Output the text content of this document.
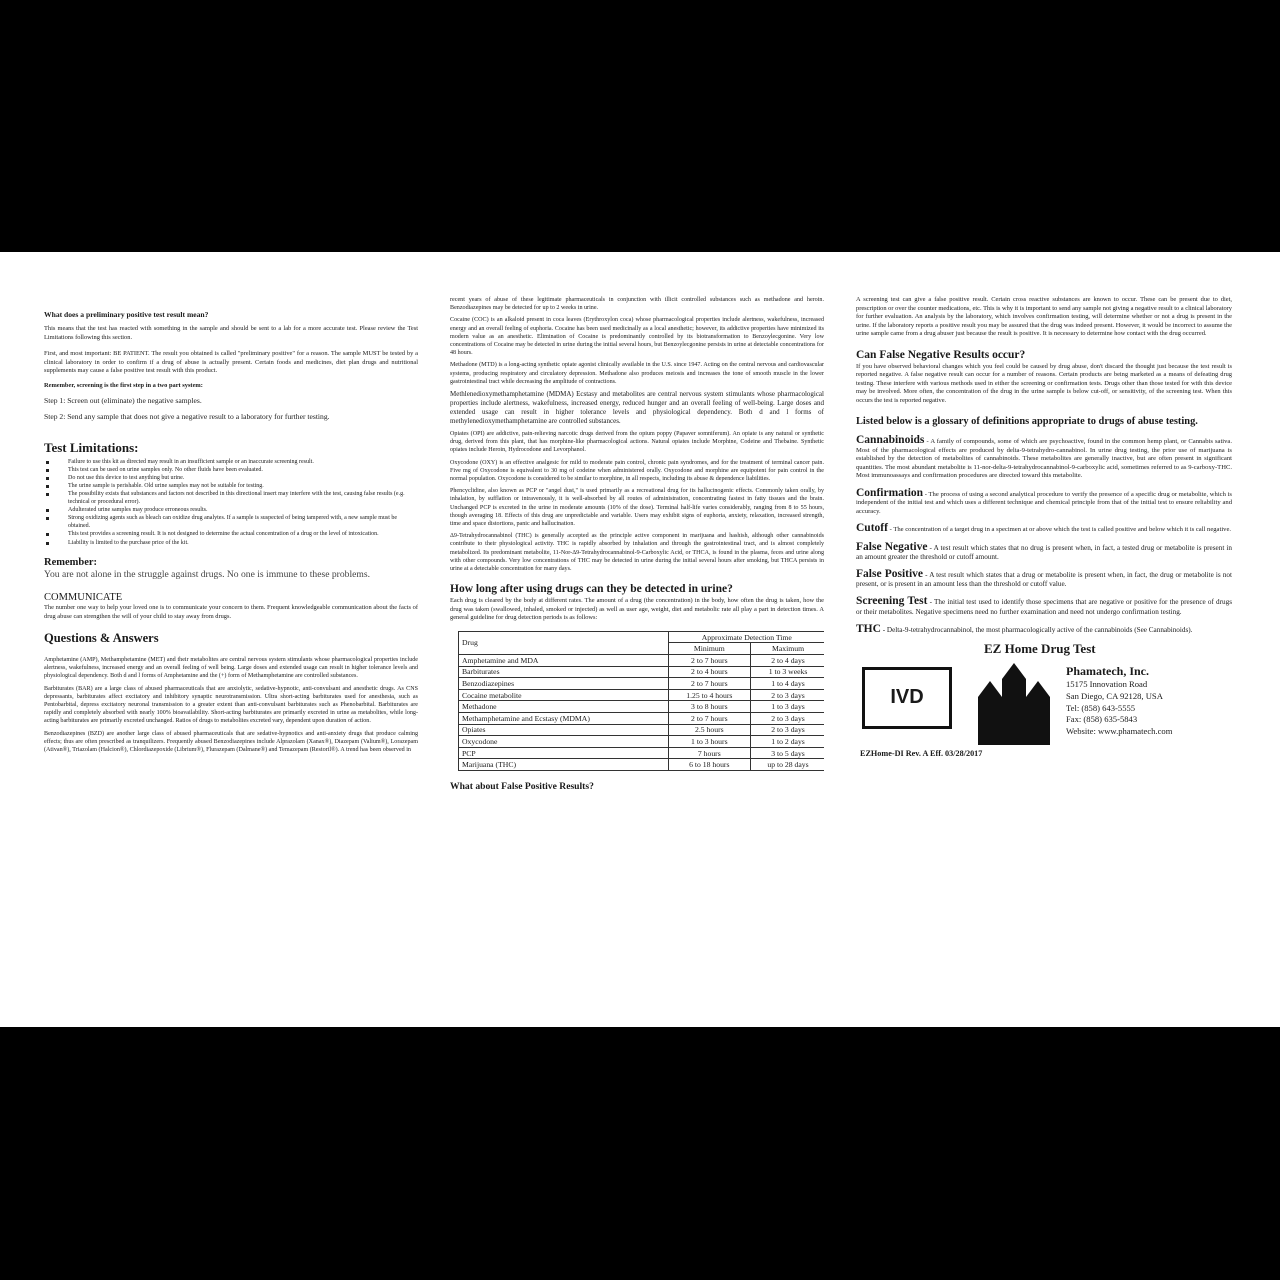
What does a preliminary positive test result mean?

This means that the test has reacted with something in the sample and should be sent to a lab for a more accurate test. Please review the Test Limitations following this section.

First, and most important: BE PATIENT. The result you obtained is called "preliminary positive" for a reason. The sample MUST be tested by a clinical laboratory in order to confirm if a drug of abuse is actually present. Certain foods and medicines, diet plan drugs and nutritional supplements may cause a false positive test result with this product.

Remember, screening is the first step in a two part system:

Step 1: Screen out (eliminate) the negative samples.

Step 2: Send any sample that does not give a negative result to a laboratory for further testing.

Test Limitations:
Failure to use this kit as directed may result in an insufficient sample or an inaccurate screening result.
This test can be used on urine samples only. No other fluids have been evaluated.
Do not use this device to test anything but urine.
The urine sample is perishable. Old urine samples may not be suitable for testing.
The possibility exists that substances and factors not described in this directional insert may interfere with the test, causing false results (e.g. technical or procedural error).
Adulterated urine samples may produce erroneous results.
Strong oxidizing agents such as bleach can oxidize drug analytes. If a sample is suspected of being tampered with, a new sample must be obtained.
This test provides a screening result. It is not designed to determine the actual concentration of a drug or the level of intoxication.
Liability is limited to the purchase price of the kit.
Remember:

You are not alone in the struggle against drugs. No one is immune to these problems.

COMMUNICATE

The number one way to help your loved one is to communicate your concern to them. Frequent knowledgeable communication about the facts of drug abuse can strengthen the will of your child to stay away from drugs.

Questions & Answers

Amphetamine (AMP), Methamphetamine (MET) and their metabolites are central nervous system stimulants whose pharmacological properties include alertness, wakefulness, increased energy and an overall feeling of well being. Large doses and extended usage can result in higher tolerance levels and physiological dependency. Both d and l forms of Amphetamine and the (+) form of Methamphetamine are controlled substances.

Barbiturates (BAR) are a large class of abused pharmaceuticals that are anxiolytic, sedative-hypnotic, anti-convulsant and anesthetic drugs. As CNS depressants, barbiturates affect excitatory and inhibitory synaptic neurotransmission. Ultra short-acting barbiturates used for anesthesia, such as Pentobarbital, depress excitatory neuronal transmission to a greater extent than anti-convulsant barbiturates such as Phenobarbital. Barbiturates are rapidly and completely absorbed with nearly 100% bioavailability. Short-acting barbiturates are primarily excreted in urine as metabolites, while long-acting barbiturates are primarily excreted unchanged. Ratios of drugs to metabolites excreted vary, dependent upon duration of action.

Benzodiazepines (BZD) are another large class of abused pharmaceuticals that are sedative-hypnotics and anti-anxiety drugs that produce calming effects; thus are often prescribed as tranquilizers. Frequently abused Benzodiazepines include Alprazolam (Xanax®), Diazepam (Valium®), Lorazepam (Ativan®), Triazolam (Halcion®), Chlordiazepoxide (Librium®), Flurazepam (Dalmane®) and Temazepam (Restoril®). A trend has been observed in

recent years of abuse of these legitimate pharmaceuticals in conjunction with illicit controlled substances such as methadone and heroin. Benzodiazepines may be detected for up to 2 weeks in urine.

Cocaine (COC) is an alkaloid present in coca leaves (Erythroxylon coca) whose pharmacological properties include alertness, wakefulness, increased energy and an overall feeling of euphoria. Cocaine has been used medicinally as a local anesthetic; however, its addictive properties have minimized its modern value as an anesthetic. Elimination of Cocaine is predominantly controlled by its biotransformation to Benzoylecgonine. Very low concentrations of Cocaine may be detected in urine during the initial several hours, but Benzoylecgonine persists in urine at detectable concentrations for 48 hours.

Methadone (MTD) is a long-acting synthetic opiate agonist clinically available in the U.S. since 1947. Acting on the central nervous and cardiovascular systems, producing respiratory and circulatory depression. Methadone also produces meiosis and increases the tone of smooth muscle in the lower gastrointestinal tract while decreasing the amplitude of contractions.

Methlenedioxymethamphetamine (MDMA) Ecstasy and metabolites are central nervous system stimulants whose pharmacological properties include alertness, wakefulness, increased energy, reduced hunger and an overall feeling of well-being. Large doses and extended usage can result in higher tolerance levels and physiological dependency. Both d and l forms of methylenedioxymethamphetamine are controlled substances.

Opiates (OPI) are addictive, pain-relieving narcotic drugs derived from the opium poppy (Papaver somniferum). An opiate is any natural or synthetic drug, derived from this plant, that has morphine-like pharmacological actions. Natural opiates include Morphine, Codeine and Thebaine. Synthetic opiates include Heroin, Hydrocodone and Levorphanol.

Oxycodone (OXY) is an effective analgesic for mild to moderate pain control, chronic pain syndromes, and for the treatment of terminal cancer pain. Five mg of Oxycodone is equivalent to 30 mg of codeine when administered orally. Oxycodone and morphine are equipotent for pain control in the normal population. Oxycodone is considered to be similar to morphine, in all respects, including its abuse & dependence liabilities.

Phencyclidine, also known as PCP or "angel dust," is used primarily as a recreational drug for its hallucinogenic effects. Commonly taken orally, by inhalation, by sufflation or intravenously, it is well-absorbed by all routes of administration, concentrating fastest in fatty tissues and the brain. Unchanged PCP is excreted in the urine in moderate amounts (10% of the dose). Terminal half-life varies considerably, ranging from 8 to 55 hours, though averaging 18. Effects of this drug are unpredictable and variable. Users may exhibit signs of euphoria, anxiety, relaxation, increased strength, time and space distortions, panic and hallucination.

Δ9-Tetrahydrocannabinol (THC) is generally accepted as the principle active component in marijuana and hashish, although other cannabinoids contribute to their physiological activity. THC is rapidly absorbed by inhalation and through the gastrointestinal tract, and is almost completely metabolized. Its predominant metabolite, 11-Nor-Δ9-Tetrahydrocannabinol-9-Carboxylic Acid, or THCA, is found in the plasma, feces and urine along with other compounds. Very low concentrations of THC may be detected in urine during the initial several hours after smoking, but THCA persists in urine at a detectable concentration for many days.

How long after using drugs can they be detected in urine?

Each drug is cleared by the body at different rates. The amount of a drug (the concentration) in the body, how often the drug is taken, how the drug was taken (swallowed, inhaled, smoked or injected) as well as user age, weight, diet and metabolic rate all play a part in detection times. A general guideline for drug detection periods is as follows:

Drug	Approximate Detection Time	
	Minimum	Maximum
Amphetamine and MDA	2 to 7 hours	2 to 4 days
Barbiturates	2 to 4 hours	1 to 3 weeks
Benzodiazepines	2 to 7 hours	1 to 4 days
Cocaine metabolite	1.25 to 4 hours	2 to 3 days
Methadone	3 to 8 hours	1 to 3 days
Methamphetamine and Ecstasy (MDMA)	2 to 7 hours	2 to 3 days
Opiates	2.5 hours	2 to 3 days
Oxycodone	1 to 3 hours	1 to 2 days
PCP	7 hours	3 to 5 days
Marijuana (THC)	6 to 18 hours	up to 28 days
What about False Positive Results?

A screening test can give a false positive result. Certain cross reactive substances are known to occur. These can be present due to diet, prescription or over the counter medications, etc. This is why it is important to send any sample not giving a negative result to a clinical laboratory for further evaluation. An analysis by the laboratory, which involves confirmation testing, will determine whether or not a drug is present in the urine. If the laboratory reports a positive result you may be assured that the drug was indeed present. However, it would be incorrect to assume the urine sample came from a drug abuser just because the result is positive. It is necessary to determine how contact with the drug occurred.

Can False Negative Results occur?

If you have observed behavioral changes which you feel could be caused by drug abuse, don't discard the thought just because the test result is reported negative. A false negative result can occur for a number of reasons. Certain products are being marketed as a means of defeating drug testing. These interfere with various methods used in either the screening or confirmation tests. Drugs other than those tested for with this device may be involved. More often, the concentration of the drug in the urine sample is below cut-off, or sensitivity, of the screening test. When this occurs the test is reported negative.

Listed below is a glossary of definitions appropriate to drugs of abuse testing.

Cannabinoids - A family of compounds, some of which are psychoactive, found in the common hemp plant, or Cannabis sativa. Most of the pharmacological effects are produced by delta-9-tetrahydro-cannabinol. In urine drug testing, the prior use of marijuana is established by the detection of metabolites of cannabinoids. These metabolites are generally inactive, but are often present in significant quantities. The most abundant metabolite is 11-nor-delta-9-tetrahydrocannabinol-9-carboxylic acid, sometimes referred to as 9-carboxy-THC. Most immunoassays and confirmation procedures are directed toward this metabolite.

Confirmation - The process of using a second analytical procedure to verify the presence of a specific drug or metabolite, which is independent of the initial test and which uses a different technique and chemical principle from that of the initial test to ensure reliability and accuracy.

Cutoff - The concentration of a target drug in a specimen at or above which the test is called positive and below which it is call negative.

False Negative - A test result which states that no drug is present when, in fact, a tested drug or metabolite is present in an amount greater the threshold or cutoff amount.

False Positive - A test result which states that a drug or metabolite is present when, in fact, the drug or metabolite is not present, or is present in an amount less than the threshold or cutoff value.

Screening Test - The initial test used to identify those specimens that are negative or positive for the presence of drugs or their metabolites. Negative specimens need no further examination and need not undergo confirmation testing.

THC - Delta-9-tetrahydrocannabinol, the most pharmacologically active of the cannabinoids (See Cannabinoids).

EZ Home Drug Test
IVD
Phamatech, Inc.
15175 Innovation Road
San Diego, CA 92128, USA
Tel: (858) 643-5555
Fax: (858) 635-5843
Website: www.phamatech.com
EZHome-DI Rev. A Eff. 03/28/2017
